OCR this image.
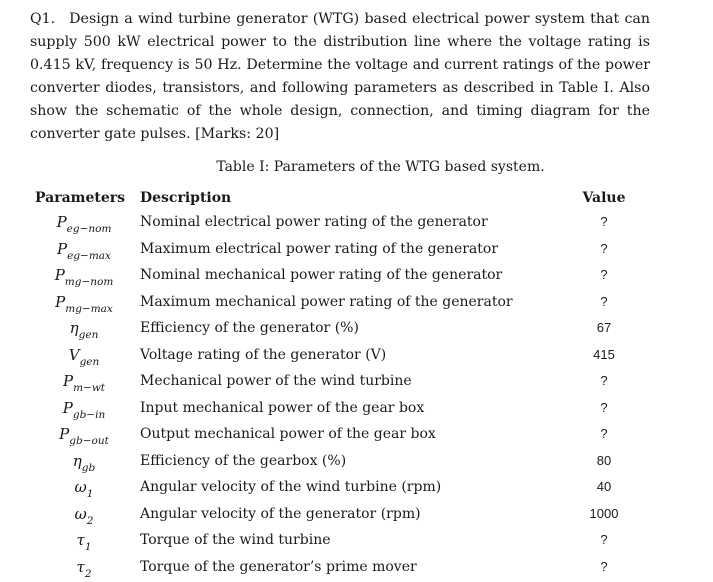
Q1. Design a wind turbine generator (WTG) based electrical power system that can supply 500 kW electrical power to the distribution line where the voltage rating is 0.415 kV, frequency is 50 Hz. Determine the voltage and current ratings of the power converter diodes, transistors, and following parameters as described in Table I. Also show the schematic of the whole design, connection, and timing diagram for the converter gate pulses. [Marks: 20]
Table I: Parameters of the WTG based system.
Parameters Description	Value
$P_{eg-nom}$	Nominal electrical power rating of the generator	?
$P_{eg-max}$	Maximum electrical power rating of the generator	?
$P_{mg-nom}$	Nominal mechanical power rating of the generator	?
$P_{mg-max}$	Maximum mechanical power rating of the generator	?
$\eta_{gen}$	Efficiency of the generator (%)	67
$V_{gen}$	Voltage rating of the generator (V)	415
$P_{m-wt}$	Mechanical power of the wind turbine	?
$P_{gb-in}$	Input mechanical power of the gear box	?
$P_{gb-out}$	Output mechanical power of the gear box	?
$\eta_{gb}$	Efficiency of the gearbox (%)	80
$\omega_1$	Angular velocity of the wind turbine (rpm)	40
$\omega_2$	Angular velocity of the generator (rpm)	1000
$\tau_1$	Torque of the wind turbine	?
$\tau_2$	Torque of the generator’s prime mover	?
